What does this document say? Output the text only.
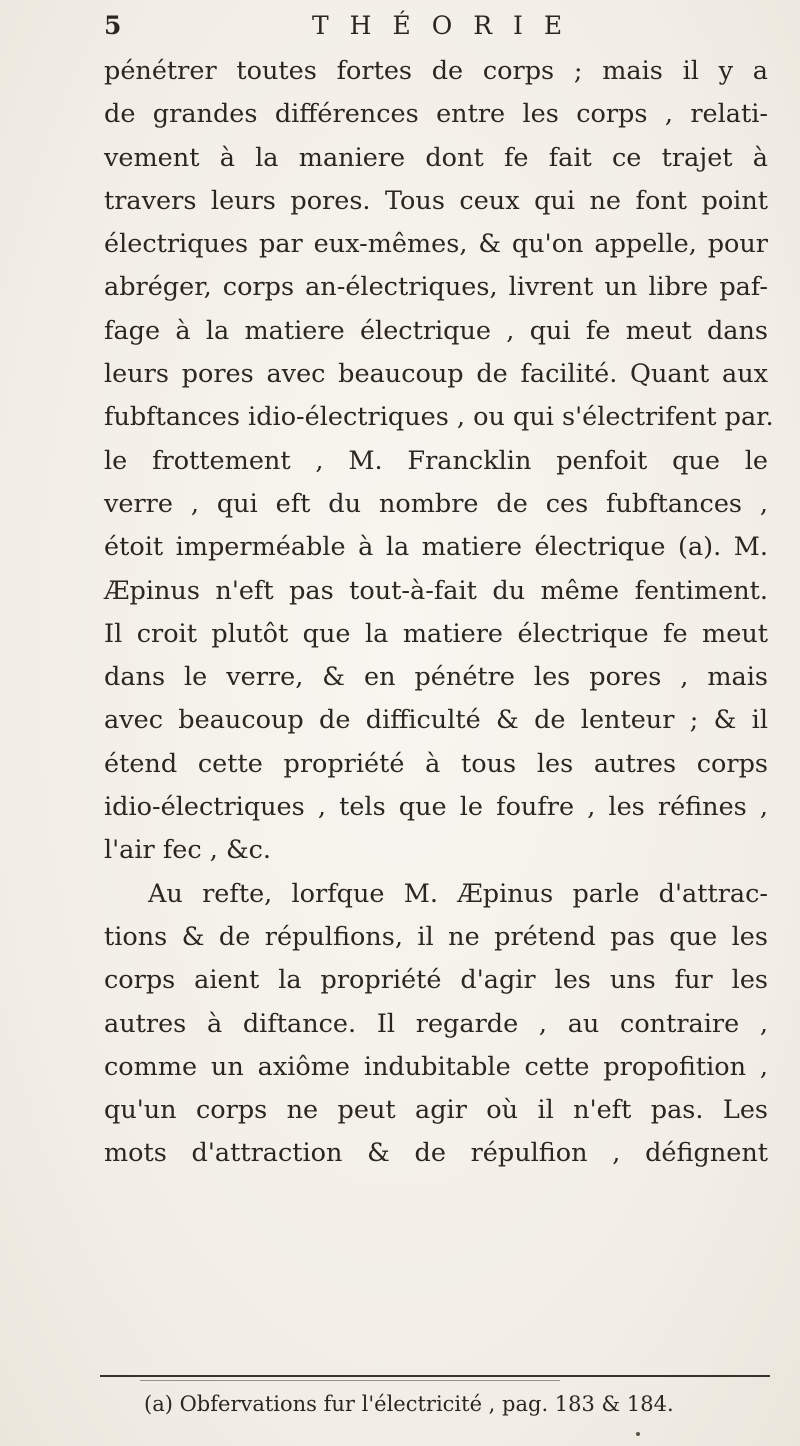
5	THÉORIE
pénétrer toutes fortes de corps ; mais il y a
de grandes différences entre les corps , relati-
vement à la maniere dont fe fait ce trajet à
travers leurs pores. Tous ceux qui ne font point
électriques par eux-mêmes, & qu'on appelle, pour
abréger, corps an-électriques, livrent un libre paf-
fage à la matiere électrique , qui fe meut dans
leurs pores avec beaucoup de facilité. Quant aux
fubftances idio-électriques , ou qui s'électrifent par.
le frottement , M. Francklin penfoit que le
verre , qui eft du nombre de ces fubftances ,
étoit imperméable à la matiere électrique (a). M.
Æpinus n'eft pas tout-à-fait du même fentiment.
Il croit plutôt que la matiere électrique fe meut
dans le verre, & en pénétre les pores , mais
avec beaucoup de difficulté & de lenteur ; & il
étend cette propriété à tous les autres corps
idio-électriques , tels que le foufre , les réfines ,
l'air fec , &c.
Au refte, lorfque M. Æpinus parle d'attrac-
tions & de répulfions, il ne prétend pas que les
corps aient la propriété d'agir les uns fur les
autres à diftance. Il regarde , au contraire ,
comme un axiôme indubitable cette propofition ,
qu'un corps ne peut agir où il n'eft pas. Les
mots d'attraction & de répulfion , défignent
(a) Obfervations fur l'électricité , pag. 183 & 184.
